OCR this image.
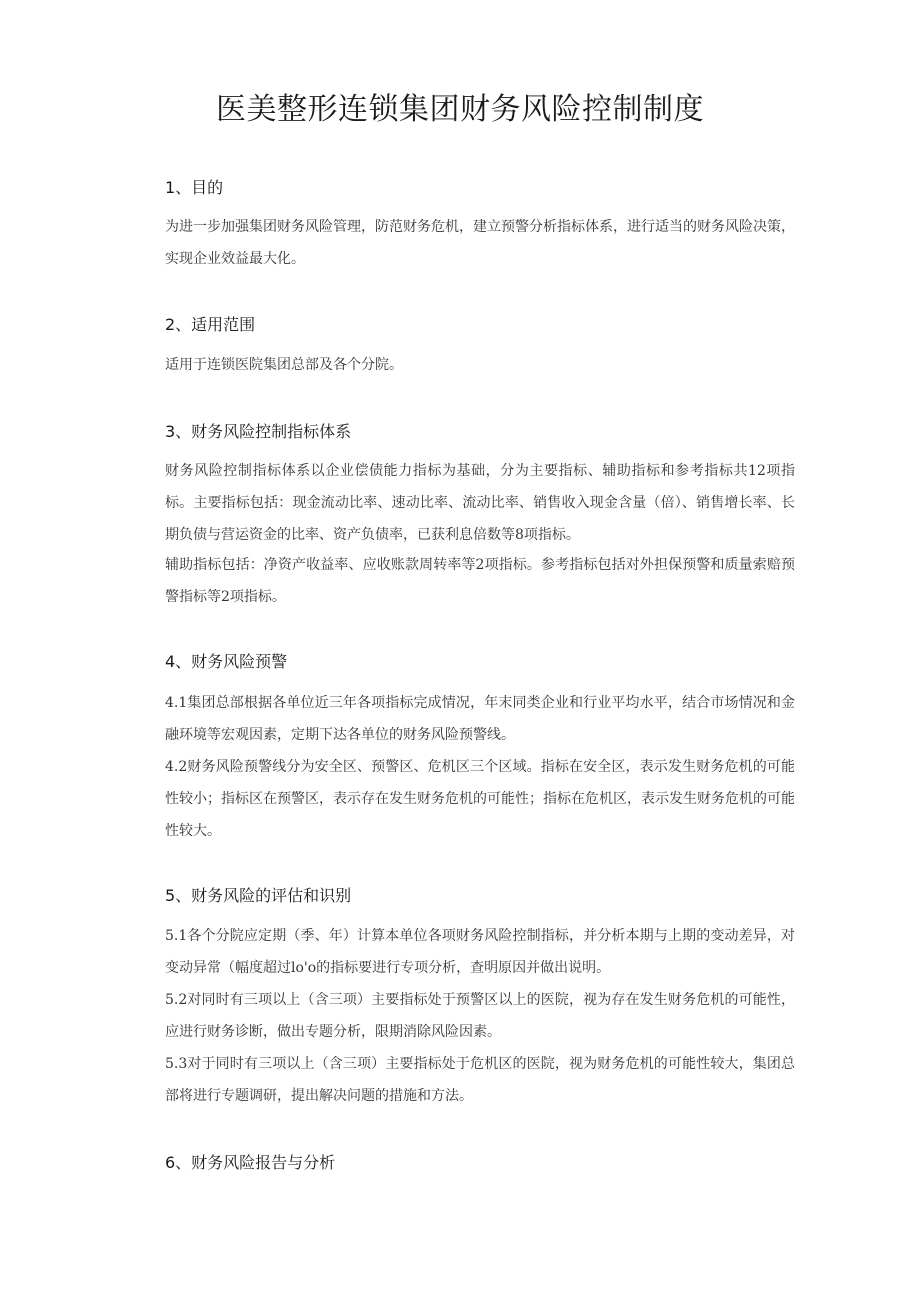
医美整形连锁集团财务风险控制制度
1、目的

为进一步加强集团财务风险管理，防范财务危机，建立预警分析指标体系，进行适当的财务风险决策，实现企业效益最大化。

2、适用范围

适用于连锁医院集团总部及各个分院。

3、财务风险控制指标体系

财务风险控制指标体系以企业偿债能力指标为基础，分为主要指标、辅助指标和参考指标共12项指标。主要指标包括：现金流动比率、速动比率、流动比率、销售收入现金含量（倍）、销售增长率、长期负债与营运资金的比率、资产负债率，已获利息倍数等8项指标。

辅助指标包括：净资产收益率、应收账款周转率等2项指标。参考指标包括对外担保预警和质量索赔预警指标等2项指标。

4、财务风险预警

4.1集团总部根据各单位近三年各项指标完成情况，年末同类企业和行业平均水平，结合市场情况和金融环境等宏观因素，定期下达各单位的财务风险预警线。

4.2财务风险预警线分为安全区、预警区、危机区三个区域。指标在安全区，表示发生财务危机的可能性较小；指标区在预警区，表示存在发生财务危机的可能性；指标在危机区，表示发生财务危机的可能性较大。

5、财务风险的评估和识别

5.1各个分院应定期（季、年）计算本单位各项财务风险控制指标，并分析本期与上期的变动差异，对变动异常（幅度超过lo'o的指标要进行专项分析，查明原因并做出说明。

5.2对同时有三项以上（含三项）主要指标处于预警区以上的医院，视为存在发生财务危机的可能性，应进行财务诊断，做出专题分析，限期消除风险因素。

5.3对于同时有三项以上（含三项）主要指标处于危机区的医院，视为财务危机的可能性较大，集团总部将进行专题调研，提出解决问题的措施和方法。

6、财务风险报告与分析
